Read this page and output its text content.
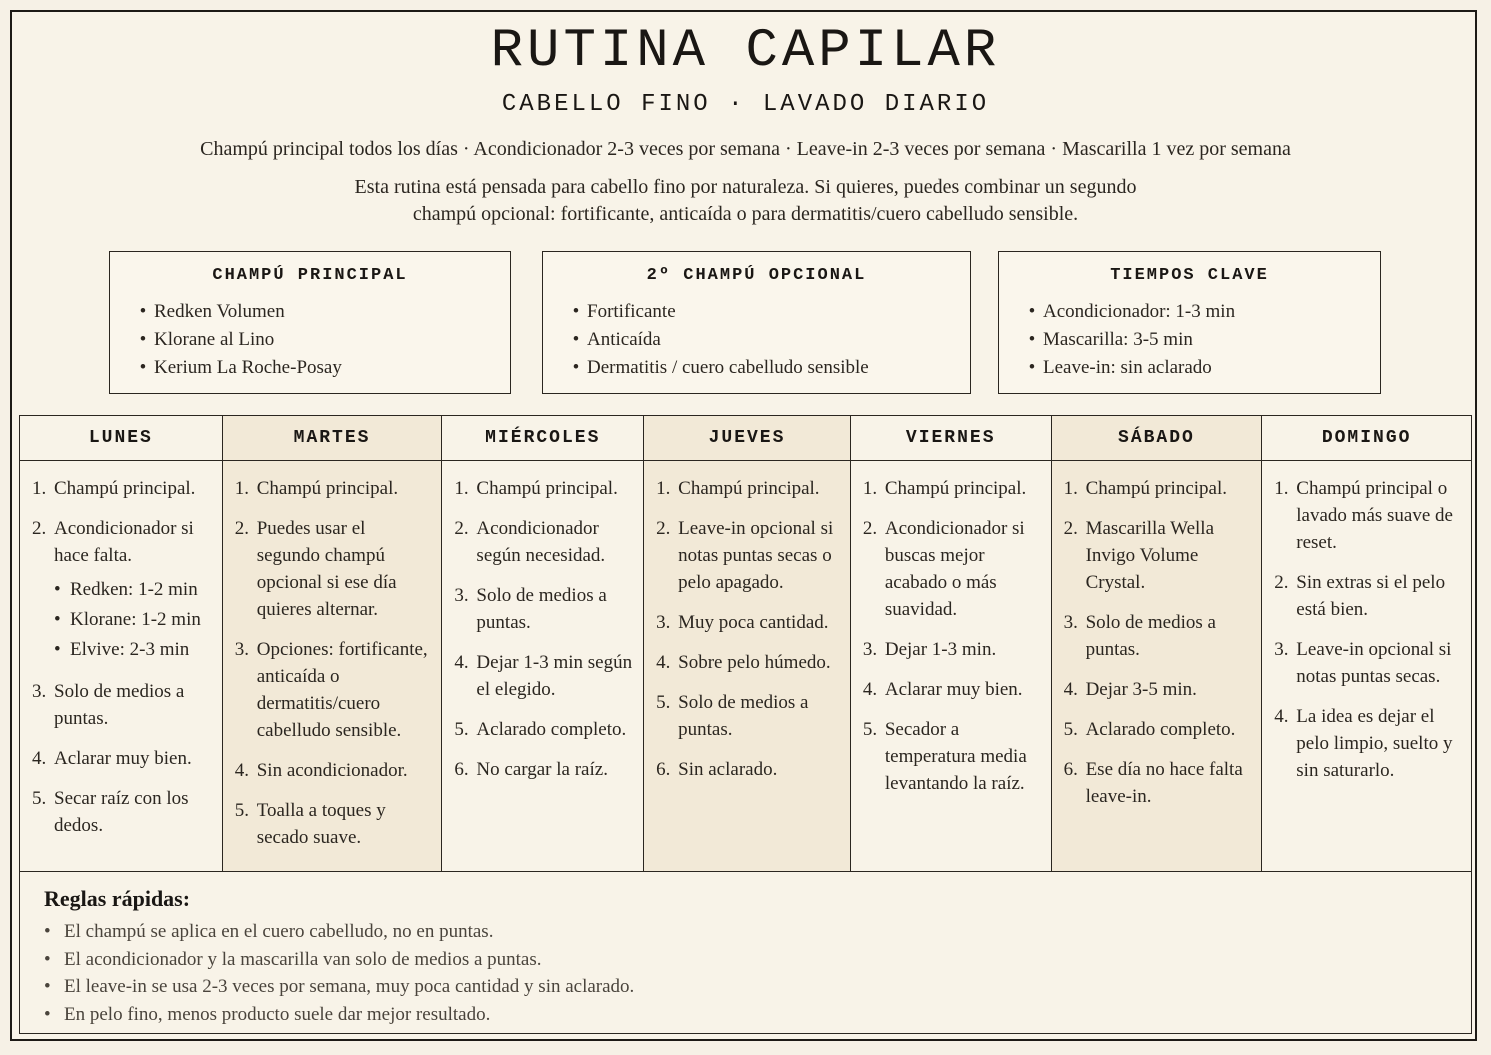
RUTINA CAPILAR
CABELLO FINO · LAVADO DIARIO
Champú principal todos los días · Acondicionador 2-3 veces por semana · Leave-in 2-3 veces por semana · Mascarilla 1 vez por semana
Esta rutina está pensada para cabello fino por naturaleza. Si quieres, puedes combinar un segundo
champú opcional: fortificante, anticaída o para dermatitis/cuero cabelludo sensible.
CHAMPÚ PRINCIPAL
• Redken Volumen
• Klorane al Lino
• Kerium La Roche-Posay
2º CHAMPÚ OPCIONAL
• Fortificante
• Anticaída
• Dermatitis / cuero cabelludo sensible
TIEMPOS CLAVE
• Acondicionador: 1-3 min
• Mascarilla: 3-5 min
• Leave-in: sin aclarado
LUNES
1. Champú principal.
2. Acondicionador si hace falta.
• Redken: 1-2 min
• Klorane: 1-2 min
• Elvive: 2-3 min
3. Solo de medios a puntas.
4. Aclarar muy bien.
5. Secar raíz con los dedos.
MARTES
1. Champú principal.
2. Puedes usar el segundo champú opcional si ese día quieres alternar.
3. Opciones: fortificante, anticaída o dermatitis/cuero cabelludo sensible.
4. Sin acondicionador.
5. Toalla a toques y secado suave.
MIÉRCOLES
1. Champú principal.
2. Acondicionador según necesidad.
3. Solo de medios a puntas.
4. Dejar 1-3 min según el elegido.
5. Aclarado completo.
6. No cargar la raíz.
JUEVES
1. Champú principal.
2. Leave-in opcional si notas puntas secas o pelo apagado.
3. Muy poca cantidad.
4. Sobre pelo húmedo.
5. Solo de medios a puntas.
6. Sin aclarado.
VIERNES
1. Champú principal.
2. Acondicionador si buscas mejor acabado o más suavidad.
3. Dejar 1-3 min.
4. Aclarar muy bien.
5. Secador a temperatura media levantando la raíz.
SÁBADO
1. Champú principal.
2. Mascarilla Wella Invigo Volume Crystal.
3. Solo de medios a puntas.
4. Dejar 3-5 min.
5. Aclarado completo.
6. Ese día no hace falta leave-in.
DOMINGO
1. Champú principal o lavado más suave de reset.
2. Sin extras si el pelo está bien.
3. Leave-in opcional si notas puntas secas.
4. La idea es dejar el pelo limpio, suelto y sin saturarlo.
Reglas rápidas:
• El champú se aplica en el cuero cabelludo, no en puntas.
• El acondicionador y la mascarilla van solo de medios a puntas.
• El leave-in se usa 2-3 veces por semana, muy poca cantidad y sin aclarado.
• En pelo fino, menos producto suele dar mejor resultado.
